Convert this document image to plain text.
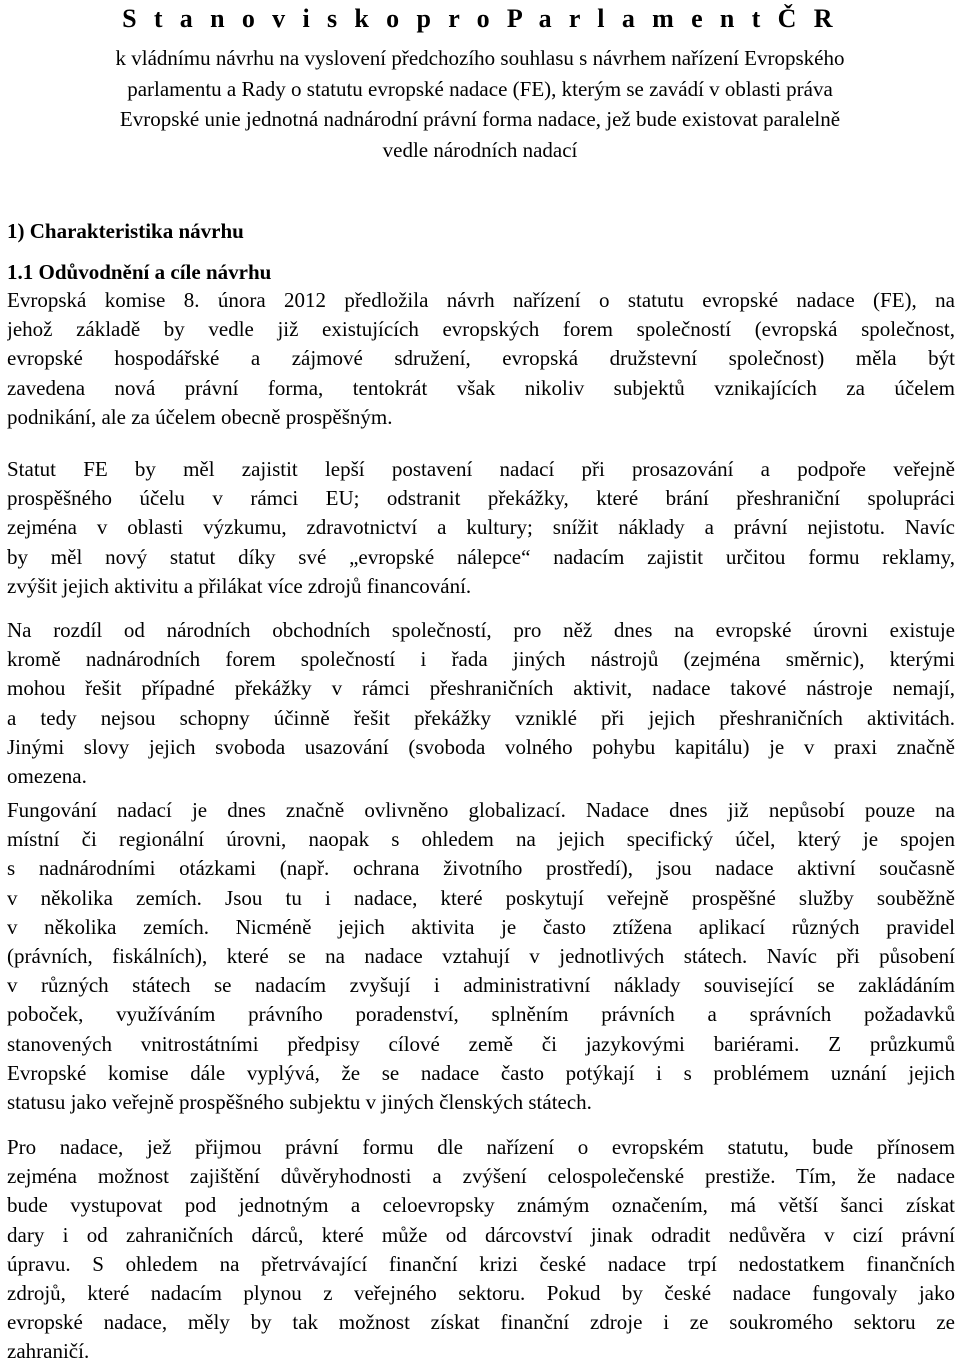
S t a n o v i s k o p r o P a r l a m e n t Č R
k vládnímu návrhu na vyslovení předchozího souhlasu s návrhem nařízení Evropského
parlamentu a Rady o statutu evropské nadace (FE), kterým se zavádí v oblasti práva
Evropské unie jednotná nadnárodní právní forma nadace, jež bude existovat paralelně
vedle národních nadací
1) Charakteristika návrhu
1.1 Odůvodnění a cíle návrhu
Evropská komise 8. února 2012 předložila návrh nařízení o statutu evropské nadace (FE), na
jehož základě by vedle již existujících evropských forem společností (evropská společnost,
evropské hospodářské a zájmové sdružení, evropská družstevní společnost) měla být
zavedena nová právní forma, tentokrát však nikoliv subjektů vznikajících za účelem
podnikání, ale za účelem obecně prospěšným.
Statut FE by měl zajistit lepší postavení nadací při prosazování a podpoře veřejně
prospěšného účelu v rámci EU; odstranit překážky, které brání přeshraniční spolupráci
zejména v oblasti výzkumu, zdravotnictví a kultury; snížit náklady a právní nejistotu. Navíc
by měl nový statut díky své „evropské nálepce“ nadacím zajistit určitou formu reklamy,
zvýšit jejich aktivitu a přilákat více zdrojů financování.
Na rozdíl od národních obchodních společností, pro něž dnes na evropské úrovni existuje
kromě nadnárodních forem společností i řada jiných nástrojů (zejména směrnic), kterými
mohou řešit případné překážky v rámci přeshraničních aktivit, nadace takové nástroje nemají,
a tedy nejsou schopny účinně řešit překážky vzniklé při jejich přeshraničních aktivitách.
Jinými slovy jejich svoboda usazování (svoboda volného pohybu kapitálu) je v praxi značně
omezena.
Fungování nadací je dnes značně ovlivněno globalizací. Nadace dnes již nepůsobí pouze na
místní či regionální úrovni, naopak s ohledem na jejich specifický účel, který je spojen
s nadnárodními otázkami (např. ochrana životního prostředí), jsou nadace aktivní současně
v několika zemích. Jsou tu i nadace, které poskytují veřejně prospěšné služby souběžně
v několika zemích. Nicméně jejich aktivita je často ztížena aplikací různých pravidel
(právních, fiskálních), které se na nadace vztahují v jednotlivých státech. Navíc při působení
v různých státech se nadacím zvyšují i administrativní náklady související se zakládáním
poboček, využíváním právního poradenství, splněním právních a správních požadavků
stanovených vnitrostátními předpisy cílové země či jazykovými bariérami. Z průzkumů
Evropské komise dále vyplývá, že se nadace často potýkají i s problémem uznání jejich
statusu jako veřejně prospěšného subjektu v jiných členských státech.
Pro nadace, jež přijmou právní formu dle nařízení o evropském statutu, bude přínosem
zejména možnost zajištění důvěryhodnosti a zvýšení celospolečenské prestiže. Tím, že nadace
bude vystupovat pod jednotným a celoevropsky známým označením, má větší šanci získat
dary i od zahraničních dárců, které může od dárcovství jinak odradit nedůvěra v cizí právní
úpravu. S ohledem na přetrvávající finanční krizi české nadace trpí nedostatkem finančních
zdrojů, které nadacím plynou z veřejného sektoru. Pokud by české nadace fungovaly jako
evropské nadace, měly by tak možnost získat finanční zdroje i ze soukromého sektoru ze
zahraničí.
